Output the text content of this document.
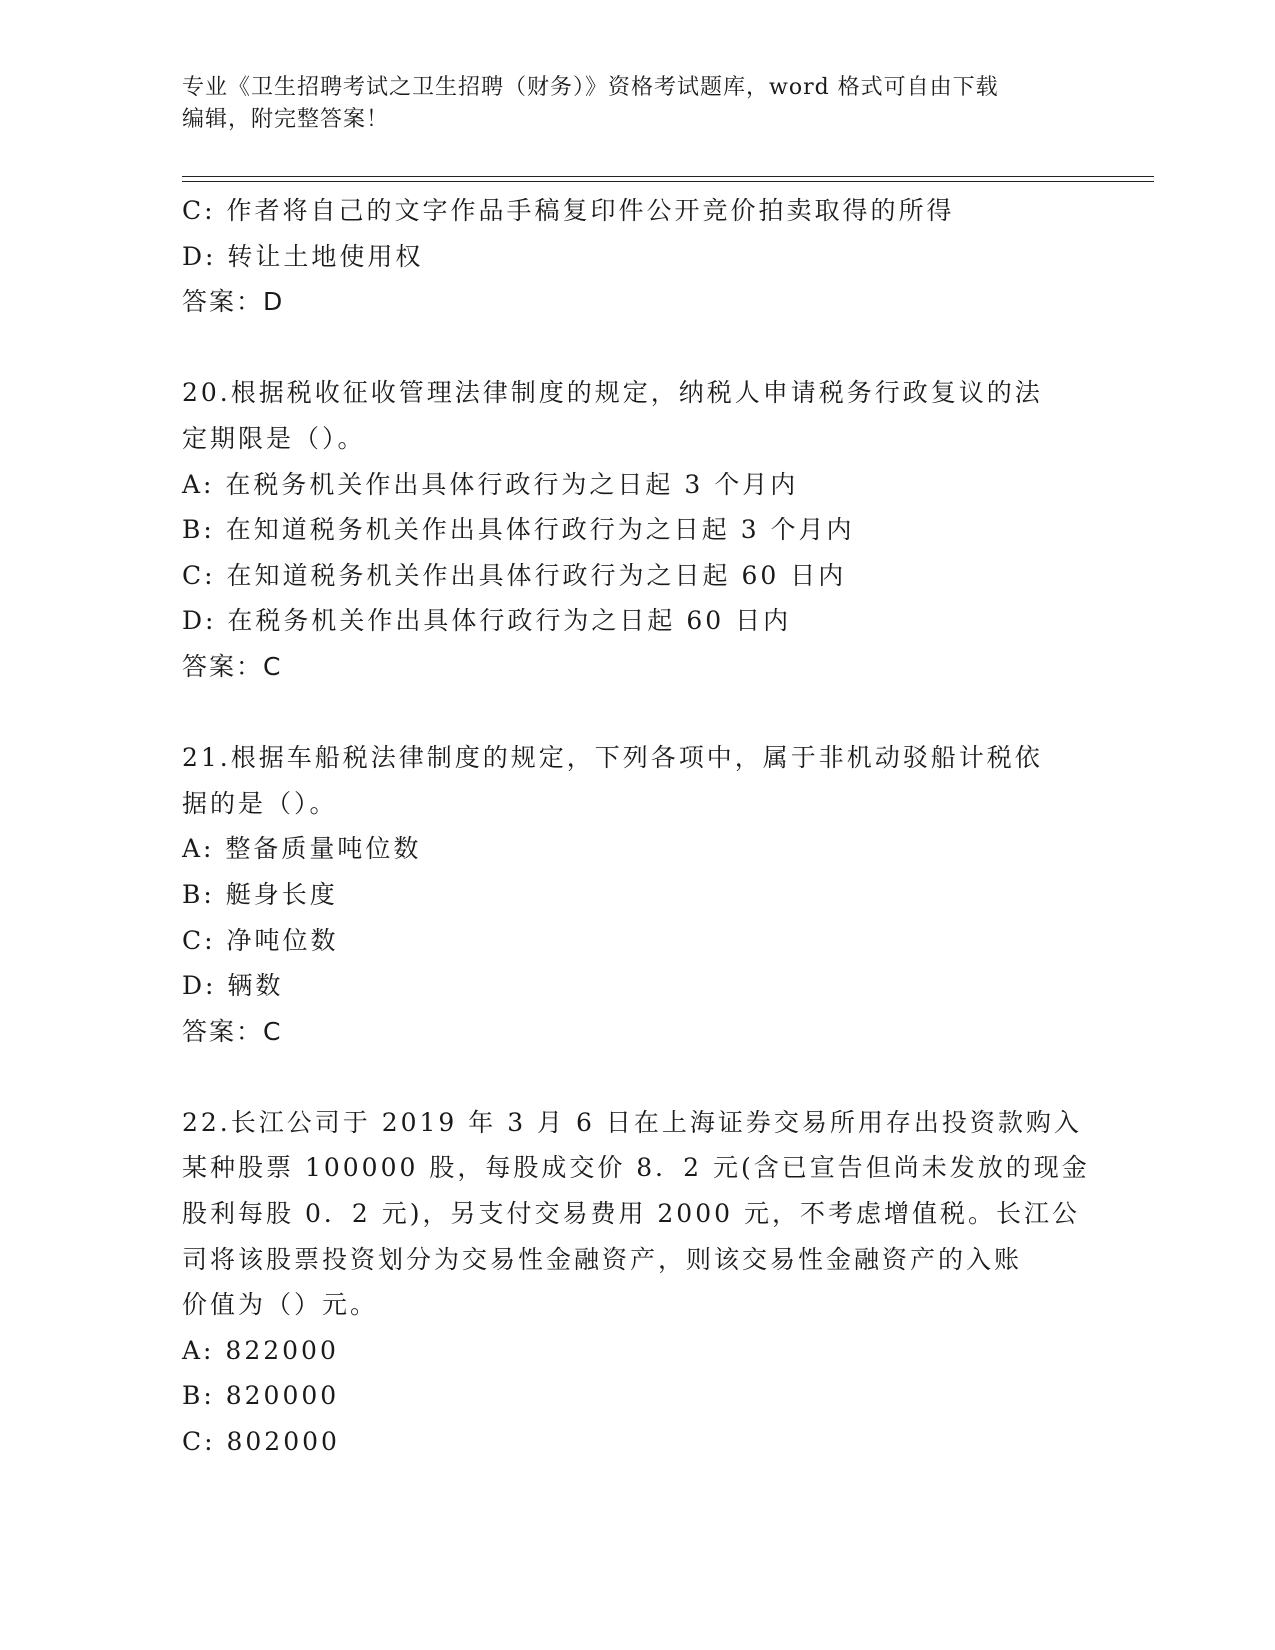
专业《卫生招聘考试之卫生招聘（财务）》资格考试题库，word 格式可自由下载
编辑，附完整答案！
C: 作者将自己的文字作品手稿复印件公开竞价拍卖取得的所得
D: 转让土地使用权
答案：D
20.根据税收征收管理法律制度的规定，纳税人申请税务行政复议的法
定期限是（）。
A: 在税务机关作出具体行政行为之日起 3 个月内
B: 在知道税务机关作出具体行政行为之日起 3 个月内
C: 在知道税务机关作出具体行政行为之日起 60 日内
D: 在税务机关作出具体行政行为之日起 60 日内
答案：C
21.根据车船税法律制度的规定，下列各项中，属于非机动驳船计税依
据的是（）。
A: 整备质量吨位数
B: 艇身长度
C: 净吨位数
D: 辆数
答案：C
22.长江公司于 2019 年 3 月 6 日在上海证券交易所用存出投资款购入
某种股票 100000 股，每股成交价 8．2 元(含已宣告但尚未发放的现金
股利每股 0．2 元)，另支付交易费用 2000 元，不考虑增值税。长江公
司将该股票投资划分为交易性金融资产，则该交易性金融资产的入账
价值为（）元。
A: 822000
B: 820000
C: 802000
